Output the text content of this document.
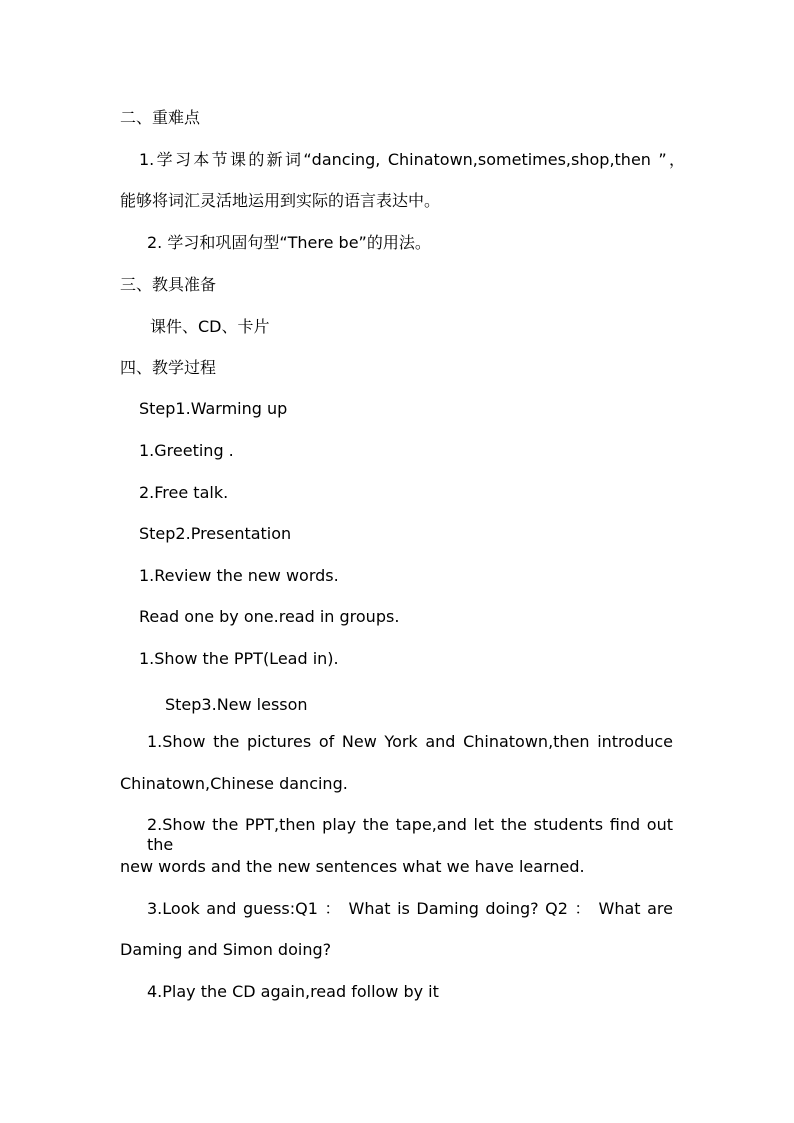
二、重难点
1.学习本节课的新词“dancing, Chinatown,sometimes,shop,then ”，
能够将词汇灵活地运用到实际的语言表达中。
2. 学习和巩固句型“There be”的用法。
三、教具准备
课件、CD、卡片
四、教学过程
Step1.Warming up
1.Greeting .
2.Free talk.
Step2.Presentation
1.Review the new words.
Read one by one.read in groups.
1.Show the PPT(Lead in).
Step3.New lesson
1.Show the pictures of New York and Chinatown,then introduce
Chinatown,Chinese dancing.
2.Show the PPT,then play the tape,and let the students find out the
new words and the new sentences what we have learned.
3.Look and guess:Q1 ： What is Daming doing? Q2 ： What are
Daming and Simon doing?
4.Play the CD again,read follow by it
